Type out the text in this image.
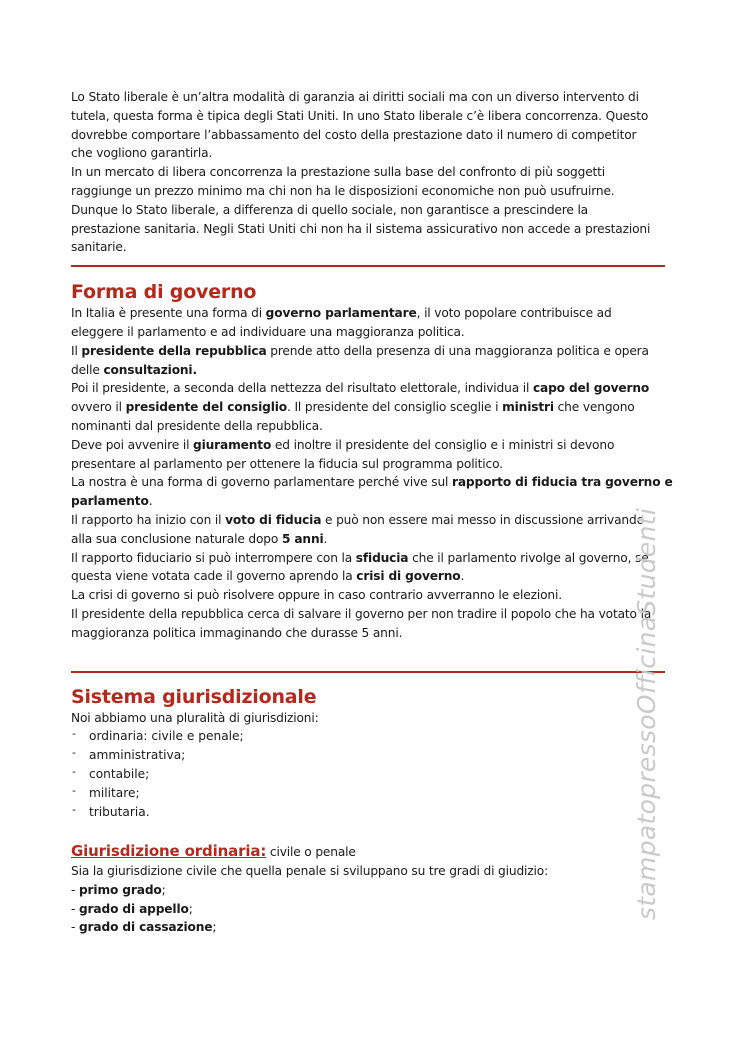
Lo Stato liberale è un’altra modalità di garanzia ai diritti sociali ma con un diverso intervento di

tutela, questa forma è tipica degli Stati Uniti. In uno Stato liberale c’è libera concorrenza. Questo

dovrebbe comportare l’abbassamento del costo della prestazione dato il numero di competitor

che vogliono garantirla.

In un mercato di libera concorrenza la prestazione sulla base del confronto di più soggetti

raggiunge un prezzo minimo ma chi non ha le disposizioni economiche non può usufruirne.

Dunque lo Stato liberale, a differenza di quello sociale, non garantisce a prescindere la

prestazione sanitaria. Negli Stati Uniti chi non ha il sistema assicurativo non accede a prestazioni

sanitarie.

Forma di governo

In Italia è presente una forma di governo parlamentare, il voto popolare contribuisce ad

eleggere il parlamento e ad individuare una maggioranza politica.

Il presidente della repubblica prende atto della presenza di una maggioranza politica e opera

delle consultazioni.

Poi il presidente, a seconda della nettezza del risultato elettorale, individua il capo del governo

ovvero il presidente del consiglio. Il presidente del consiglio sceglie i ministri che vengono

nominanti dal presidente della repubblica.

Deve poi avvenire il giuramento ed inoltre il presidente del consiglio e i ministri si devono

presentare al parlamento per ottenere la fiducia sul programma politico.

La nostra è una forma di governo parlamentare perché vive sul rapporto di fiducia tra governo e

parlamento.

Il rapporto ha inizio con il voto di fiducia e può non essere mai messo in discussione arrivando

alla sua conclusione naturale dopo 5 anni.

Il rapporto fiduciario si può interrompere con la sfiducia che il parlamento rivolge al governo, se

questa viene votata cade il governo aprendo la crisi di governo.

La crisi di governo si può risolvere oppure in caso contrario avverranno le elezioni.

Il presidente della repubblica cerca di salvare il governo per non tradire il popolo che ha votato la

maggioranza politica immaginando che durasse 5 anni.

Sistema giurisdizionale

Noi abbiamo una pluralità di giurisdizioni:

- ordinaria: civile e penale;
- amministrativa;
- contabile;
- militare;
- tributaria.

Giurisdizione ordinaria: civile o penale

Sia la giurisdizione civile che quella penale si sviluppano su tre gradi di giudizio:

- primo grado;

- grado di appello;

- grado di cassazione;

stampatopressoOfficinaStudenti
